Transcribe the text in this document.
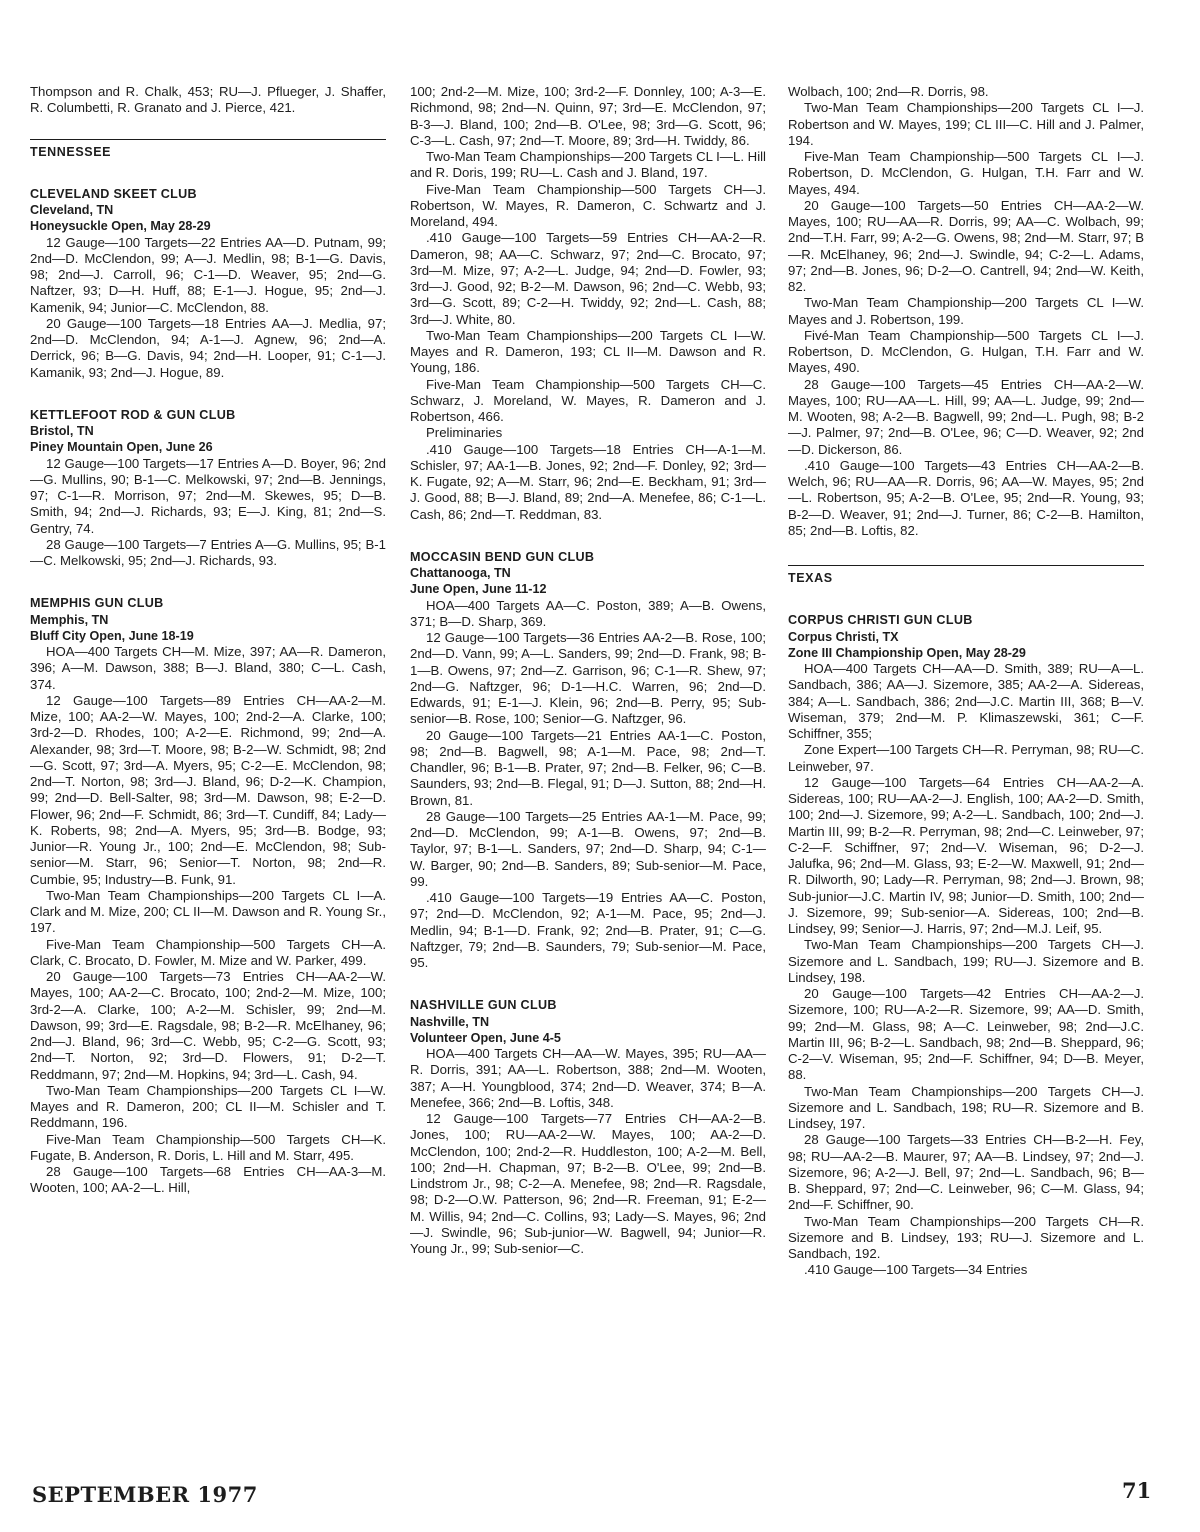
Thompson and R. Chalk, 453; RU—J. Pflueger, J. Shaffer, R. Columbetti, R. Granato and J. Pierce, 421.

TENNESSEE

CLEVELAND SKEET CLUB

Cleveland, TN

Honeysuckle Open, May 28-29

12 Gauge—100 Targets—22 Entries AA—D. Putnam, 99; 2nd—D. McClendon, 99; A—J. Medlin, 98; B-1—G. Davis, 98; 2nd—J. Carroll, 96; C-1—D. Weaver, 95; 2nd—G. Naftzer, 93; D—H. Huff, 88; E-1—J. Hogue, 95; 2nd—J. Kamenik, 94; Junior—C. McClendon, 88.

20 Gauge—100 Targets—18 Entries AA—J. Medlia, 97; 2nd—D. McClendon, 94; A-1—J. Agnew, 96; 2nd—A. Derrick, 96; B—G. Davis, 94; 2nd—H. Looper, 91; C-1—J. Kamanik, 93; 2nd—J. Hogue, 89.

KETTLEFOOT ROD & GUN CLUB

Bristol, TN

Piney Mountain Open, June 26

12 Gauge—100 Targets—17 Entries A—D. Boyer, 96; 2nd—G. Mullins, 90; B-1—C. Melkowski, 97; 2nd—B. Jennings, 97; C-1—R. Morrison, 97; 2nd—M. Skewes, 95; D—B. Smith, 94; 2nd—J. Richards, 93; E—J. King, 81; 2nd—S. Gentry, 74.

28 Gauge—100 Targets—7 Entries A—G. Mullins, 95; B-1—C. Melkowski, 95; 2nd—J. Richards, 93.

MEMPHIS GUN CLUB

Memphis, TN

Bluff City Open, June 18-19

HOA—400 Targets CH—M. Mize, 397; AA—R. Dameron, 396; A—M. Dawson, 388; B—J. Bland, 380; C—L. Cash, 374.

12 Gauge—100 Targets—89 Entries CH—AA-2—M. Mize, 100; AA-2—W. Mayes, 100; 2nd-2—A. Clarke, 100; 3rd-2—D. Rhodes, 100; A-2—E. Richmond, 99; 2nd—A. Alexander, 98; 3rd—T. Moore, 98; B-2—W. Schmidt, 98; 2nd—G. Scott, 97; 3rd—A. Myers, 95; C-2—E. McClendon, 98; 2nd—T. Norton, 98; 3rd—J. Bland, 96; D-2—K. Champion, 99; 2nd—D. Bell-Salter, 98; 3rd—M. Dawson, 98; E-2—D. Flower, 96; 2nd—F. Schmidt, 86; 3rd—T. Cundiff, 84; Lady—K. Roberts, 98; 2nd—A. Myers, 95; 3rd—B. Bodge, 93; Junior—R. Young Jr., 100; 2nd—E. McClendon, 98; Sub-senior—M. Starr, 96; Senior—T. Norton, 98; 2nd—R. Cumbie, 95; Industry—B. Funk, 91.

Two-Man Team Championships—200 Targets CL I—A. Clark and M. Mize, 200; CL II—M. Dawson and R. Young Sr., 197.

Five-Man Team Championship—500 Targets CH—A. Clark, C. Brocato, D. Fowler, M. Mize and W. Parker, 499.

20 Gauge—100 Targets—73 Entries CH—AA-2—W. Mayes, 100; AA-2—C. Brocato, 100; 2nd-2—M. Mize, 100; 3rd-2—A. Clarke, 100; A-2—M. Schisler, 99; 2nd—M. Dawson, 99; 3rd—E. Ragsdale, 98; B-2—R. McElhaney, 96; 2nd—J. Bland, 96; 3rd—C. Webb, 95; C-2—G. Scott, 93; 2nd—T. Norton, 92; 3rd—D. Flowers, 91; D-2—T. Reddmann, 97; 2nd—M. Hopkins, 94; 3rd—L. Cash, 94.

Two-Man Team Championships—200 Targets CL I—W. Mayes and R. Dameron, 200; CL II—M. Schisler and T. Reddmann, 196.

Five-Man Team Championship—500 Targets CH—K. Fugate, B. Anderson, R. Doris, L. Hill and M. Starr, 495.

28 Gauge—100 Targets—68 Entries CH—AA-3—M. Wooten, 100; AA-2—L. Hill,

100; 2nd-2—M. Mize, 100; 3rd-2—F. Donnley, 100; A-3—E. Richmond, 98; 2nd—N. Quinn, 97; 3rd—E. McClendon, 97; B-3—J. Bland, 100; 2nd—B. O'Lee, 98; 3rd—G. Scott, 96; C-3—L. Cash, 97; 2nd—T. Moore, 89; 3rd—H. Twiddy, 86.

Two-Man Team Championships—200 Targets CL I—L. Hill and R. Doris, 199; RU—L. Cash and J. Bland, 197.

Five-Man Team Championship—500 Targets CH—J. Robertson, W. Mayes, R. Dameron, C. Schwartz and J. Moreland, 494.

.410 Gauge—100 Targets—59 Entries CH—AA-2—R. Dameron, 98; AA—C. Schwarz, 97; 2nd—C. Brocato, 97; 3rd—M. Mize, 97; A-2—L. Judge, 94; 2nd—D. Fowler, 93; 3rd—J. Good, 92; B-2—M. Dawson, 96; 2nd—C. Webb, 93; 3rd—G. Scott, 89; C-2—H. Twiddy, 92; 2nd—L. Cash, 88; 3rd—J. White, 80.

Two-Man Team Championships—200 Targets CL I—W. Mayes and R. Dameron, 193; CL II—M. Dawson and R. Young, 186.

Five-Man Team Championship—500 Targets CH—C. Schwarz, J. Moreland, W. Mayes, R. Dameron and J. Robertson, 466.

Preliminaries

.410 Gauge—100 Targets—18 Entries CH—A-1—M. Schisler, 97; AA-1—B. Jones, 92; 2nd—F. Donley, 92; 3rd—K. Fugate, 92; A—M. Starr, 96; 2nd—E. Beckham, 91; 3rd—J. Good, 88; B—J. Bland, 89; 2nd—A. Menefee, 86; C-1—L. Cash, 86; 2nd—T. Reddman, 83.

MOCCASIN BEND GUN CLUB

Chattanooga, TN

June Open, June 11-12

HOA—400 Targets AA—C. Poston, 389; A—B. Owens, 371; B—D. Sharp, 369.

12 Gauge—100 Targets—36 Entries AA-2—B. Rose, 100; 2nd—D. Vann, 99; A—L. Sanders, 99; 2nd—D. Frank, 98; B-1—B. Owens, 97; 2nd—Z. Garrison, 96; C-1—R. Shew, 97; 2nd—G. Naftzger, 96; D-1—H.C. Warren, 96; 2nd—D. Edwards, 91; E-1—J. Klein, 96; 2nd—B. Perry, 95; Sub-senior—B. Rose, 100; Senior—G. Naftzger, 96.

20 Gauge—100 Targets—21 Entries AA-1—C. Poston, 98; 2nd—B. Bagwell, 98; A-1—M. Pace, 98; 2nd—T. Chandler, 96; B-1—B. Prater, 97; 2nd—B. Felker, 96; C—B. Saunders, 93; 2nd—B. Flegal, 91; D—J. Sutton, 88; 2nd—H. Brown, 81.

28 Gauge—100 Targets—25 Entries AA-1—M. Pace, 99; 2nd—D. McClendon, 99; A-1—B. Owens, 97; 2nd—B. Taylor, 97; B-1—L. Sanders, 97; 2nd—D. Sharp, 94; C-1—W. Barger, 90; 2nd—B. Sanders, 89; Sub-senior—M. Pace, 99.

.410 Gauge—100 Targets—19 Entries AA—C. Poston, 97; 2nd—D. McClendon, 92; A-1—M. Pace, 95; 2nd—J. Medlin, 94; B-1—D. Frank, 92; 2nd—B. Prater, 91; C—G. Naftzger, 79; 2nd—B. Saunders, 79; Sub-senior—M. Pace, 95.

NASHVILLE GUN CLUB

Nashville, TN

Volunteer Open, June 4-5

HOA—400 Targets CH—AA—W. Mayes, 395; RU—AA—R. Dorris, 391; AA—L. Robertson, 388; 2nd—M. Wooten, 387; A—H. Youngblood, 374; 2nd—D. Weaver, 374; B—A. Menefee, 366; 2nd—B. Loftis, 348.

12 Gauge—100 Targets—77 Entries CH—AA-2—B. Jones, 100; RU—AA-2—W. Mayes, 100; AA-2—D. McClendon, 100; 2nd-2—R. Huddleston, 100; A-2—M. Bell, 100; 2nd—H. Chapman, 97; B-2—B. O'Lee, 99; 2nd—B. Lindstrom Jr., 98; C-2—A. Menefee, 98; 2nd—R. Ragsdale, 98; D-2—O.W. Patterson, 96; 2nd—R. Freeman, 91; E-2—M. Willis, 94; 2nd—C. Collins, 93; Lady—S. Mayes, 96; 2nd—J. Swindle, 96; Sub-junior—W. Bagwell, 94; Junior—R. Young Jr., 99; Sub-senior—C.

Wolbach, 100; 2nd—R. Dorris, 98.

Two-Man Team Championships—200 Targets CL I—J. Robertson and W. Mayes, 199; CL III—C. Hill and J. Palmer, 194.

Five-Man Team Championship—500 Targets CL I—J. Robertson, D. McClendon, G. Hulgan, T.H. Farr and W. Mayes, 494.

20 Gauge—100 Targets—50 Entries CH—AA-2—W. Mayes, 100; RU—AA—R. Dorris, 99; AA—C. Wolbach, 99; 2nd—T.H. Farr, 99; A-2—G. Owens, 98; 2nd—M. Starr, 97; B—R. McElhaney, 96; 2nd—J. Swindle, 94; C-2—L. Adams, 97; 2nd—B. Jones, 96; D-2—O. Cantrell, 94; 2nd—W. Keith, 82.

Two-Man Team Championship—200 Targets CL I—W. Mayes and J. Robertson, 199.

Fivé-Man Team Championship—500 Targets CL I—J. Robertson, D. McClendon, G. Hulgan, T.H. Farr and W. Mayes, 490.

28 Gauge—100 Targets—45 Entries CH—AA-2—W. Mayes, 100; RU—AA—L. Hill, 99; AA—L. Judge, 99; 2nd—M. Wooten, 98; A-2—B. Bagwell, 99; 2nd—L. Pugh, 98; B-2—J. Palmer, 97; 2nd—B. O'Lee, 96; C—D. Weaver, 92; 2nd—D. Dickerson, 86.

.410 Gauge—100 Targets—43 Entries CH—AA-2—B. Welch, 96; RU—AA—R. Dorris, 96; AA—W. Mayes, 95; 2nd—L. Robertson, 95; A-2—B. O'Lee, 95; 2nd—R. Young, 93; B-2—D. Weaver, 91; 2nd—J. Turner, 86; C-2—B. Hamilton, 85; 2nd—B. Loftis, 82.

TEXAS

CORPUS CHRISTI GUN CLUB

Corpus Christi, TX

Zone III Championship Open, May 28-29

HOA—400 Targets CH—AA—D. Smith, 389; RU—A—L. Sandbach, 386; AA—J. Sizemore, 385; AA-2—A. Sidereas, 384; A—L. Sandbach, 386; 2nd—J.C. Martin III, 368; B—V. Wiseman, 379; 2nd—M. P. Klimaszewski, 361; C—F. Schiffner, 355;

Zone Expert—100 Targets CH—R. Perryman, 98; RU—C. Leinweber, 97.

12 Gauge—100 Targets—64 Entries CH—AA-2—A. Sidereas, 100; RU—AA-2—J. English, 100; AA-2—D. Smith, 100; 2nd—J. Sizemore, 99; A-2—L. Sandbach, 100; 2nd—J. Martin III, 99; B-2—R. Perryman, 98; 2nd—C. Leinweber, 97; C-2—F. Schiffner, 97; 2nd—V. Wiseman, 96; D-2—J. Jalufka, 96; 2nd—M. Glass, 93; E-2—W. Maxwell, 91; 2nd—R. Dilworth, 90; Lady—R. Perryman, 98; 2nd—J. Brown, 98; Sub-junior—J.C. Martin IV, 98; Junior—D. Smith, 100; 2nd—J. Sizemore, 99; Sub-senior—A. Sidereas, 100; 2nd—B. Lindsey, 99; Senior—J. Harris, 97; 2nd—M.J. Leif, 95.

Two-Man Team Championships—200 Targets CH—J. Sizemore and L. Sandbach, 199; RU—J. Sizemore and B. Lindsey, 198.

20 Gauge—100 Targets—42 Entries CH—AA-2—J. Sizemore, 100; RU—A-2—R. Sizemore, 99; AA—D. Smith, 99; 2nd—M. Glass, 98; A—C. Leinweber, 98; 2nd—J.C. Martin III, 96; B-2—L. Sandbach, 98; 2nd—B. Sheppard, 96; C-2—V. Wiseman, 95; 2nd—F. Schiffner, 94; D—B. Meyer, 88.

Two-Man Team Championships—200 Targets CH—J. Sizemore and L. Sandbach, 198; RU—R. Sizemore and B. Lindsey, 197.

28 Gauge—100 Targets—33 Entries CH—B-2—H. Fey, 98; RU—AA-2—B. Maurer, 97; AA—B. Lindsey, 97; 2nd—J. Sizemore, 96; A-2—J. Bell, 97; 2nd—L. Sandbach, 96; B—B. Sheppard, 97; 2nd—C. Leinweber, 96; C—M. Glass, 94; 2nd—F. Schiffner, 90.

Two-Man Team Championships—200 Targets CH—R. Sizemore and B. Lindsey, 193; RU—J. Sizemore and L. Sandbach, 192.

.410 Gauge—100 Targets—34 Entries

SEPTEMBER 1977	71
